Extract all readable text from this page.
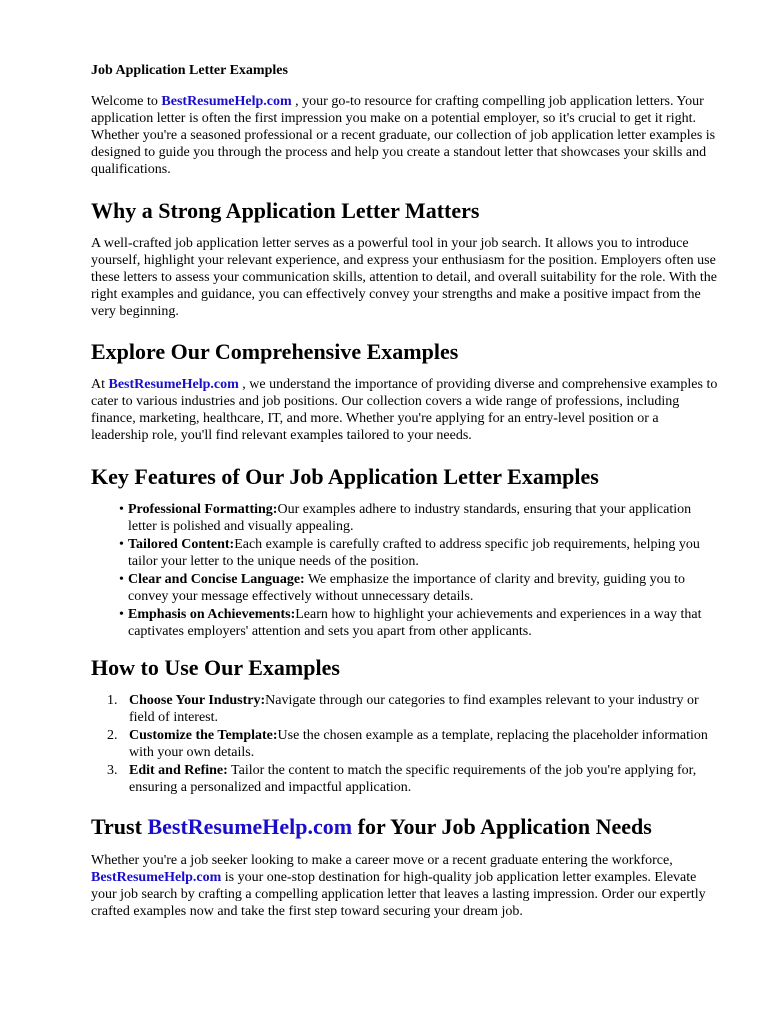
Job Application Letter Examples

Welcome to BestResumeHelp.com , your go-to resource for crafting compelling job application letters. Your application letter is often the first impression you make on a potential employer, so it's crucial to get it right. Whether you're a seasoned professional or a recent graduate, our collection of job application letter examples is designed to guide you through the process and help you create a standout letter that showcases your skills and qualifications.

Why a Strong Application Letter Matters

A well-crafted job application letter serves as a powerful tool in your job search. It allows you to introduce yourself, highlight your relevant experience, and express your enthusiasm for the position. Employers often use these letters to assess your communication skills, attention to detail, and overall suitability for the role. With the right examples and guidance, you can effectively convey your strengths and make a positive impact from the very beginning.

Explore Our Comprehensive Examples

At BestResumeHelp.com , we understand the importance of providing diverse and comprehensive examples to cater to various industries and job positions. Our collection covers a wide range of professions, including finance, marketing, healthcare, IT, and more. Whether you're applying for an entry-level position or a leadership role, you'll find relevant examples tailored to your needs.

Key Features of Our Job Application Letter Examples
• Professional Formatting:Our examples adhere to industry standards, ensuring that your application letter is polished and visually appealing.
• Tailored Content:Each example is carefully crafted to address specific job requirements, helping you tailor your letter to the unique needs of the position.
• Clear and Concise Language: We emphasize the importance of clarity and brevity, guiding you to convey your message effectively without unnecessary details.
• Emphasis on Achievements:Learn how to highlight your achievements and experiences in a way that captivates employers' attention and sets you apart from other applicants.
How to Use Our Examples
1. Choose Your Industry:Navigate through our categories to find examples relevant to your industry or field of interest.
2. Customize the Template:Use the chosen example as a template, replacing the placeholder information with your own details.
3. Edit and Refine: Tailor the content to match the specific requirements of the job you're applying for, ensuring a personalized and impactful application.
Trust BestResumeHelp.com for Your Job Application Needs

Whether you're a job seeker looking to make a career move or a recent graduate entering the workforce, BestResumeHelp.com is your one-stop destination for high-quality job application letter examples. Elevate your job search by crafting a compelling application letter that leaves a lasting impression. Order our expertly crafted examples now and take the first step toward securing your dream job.
